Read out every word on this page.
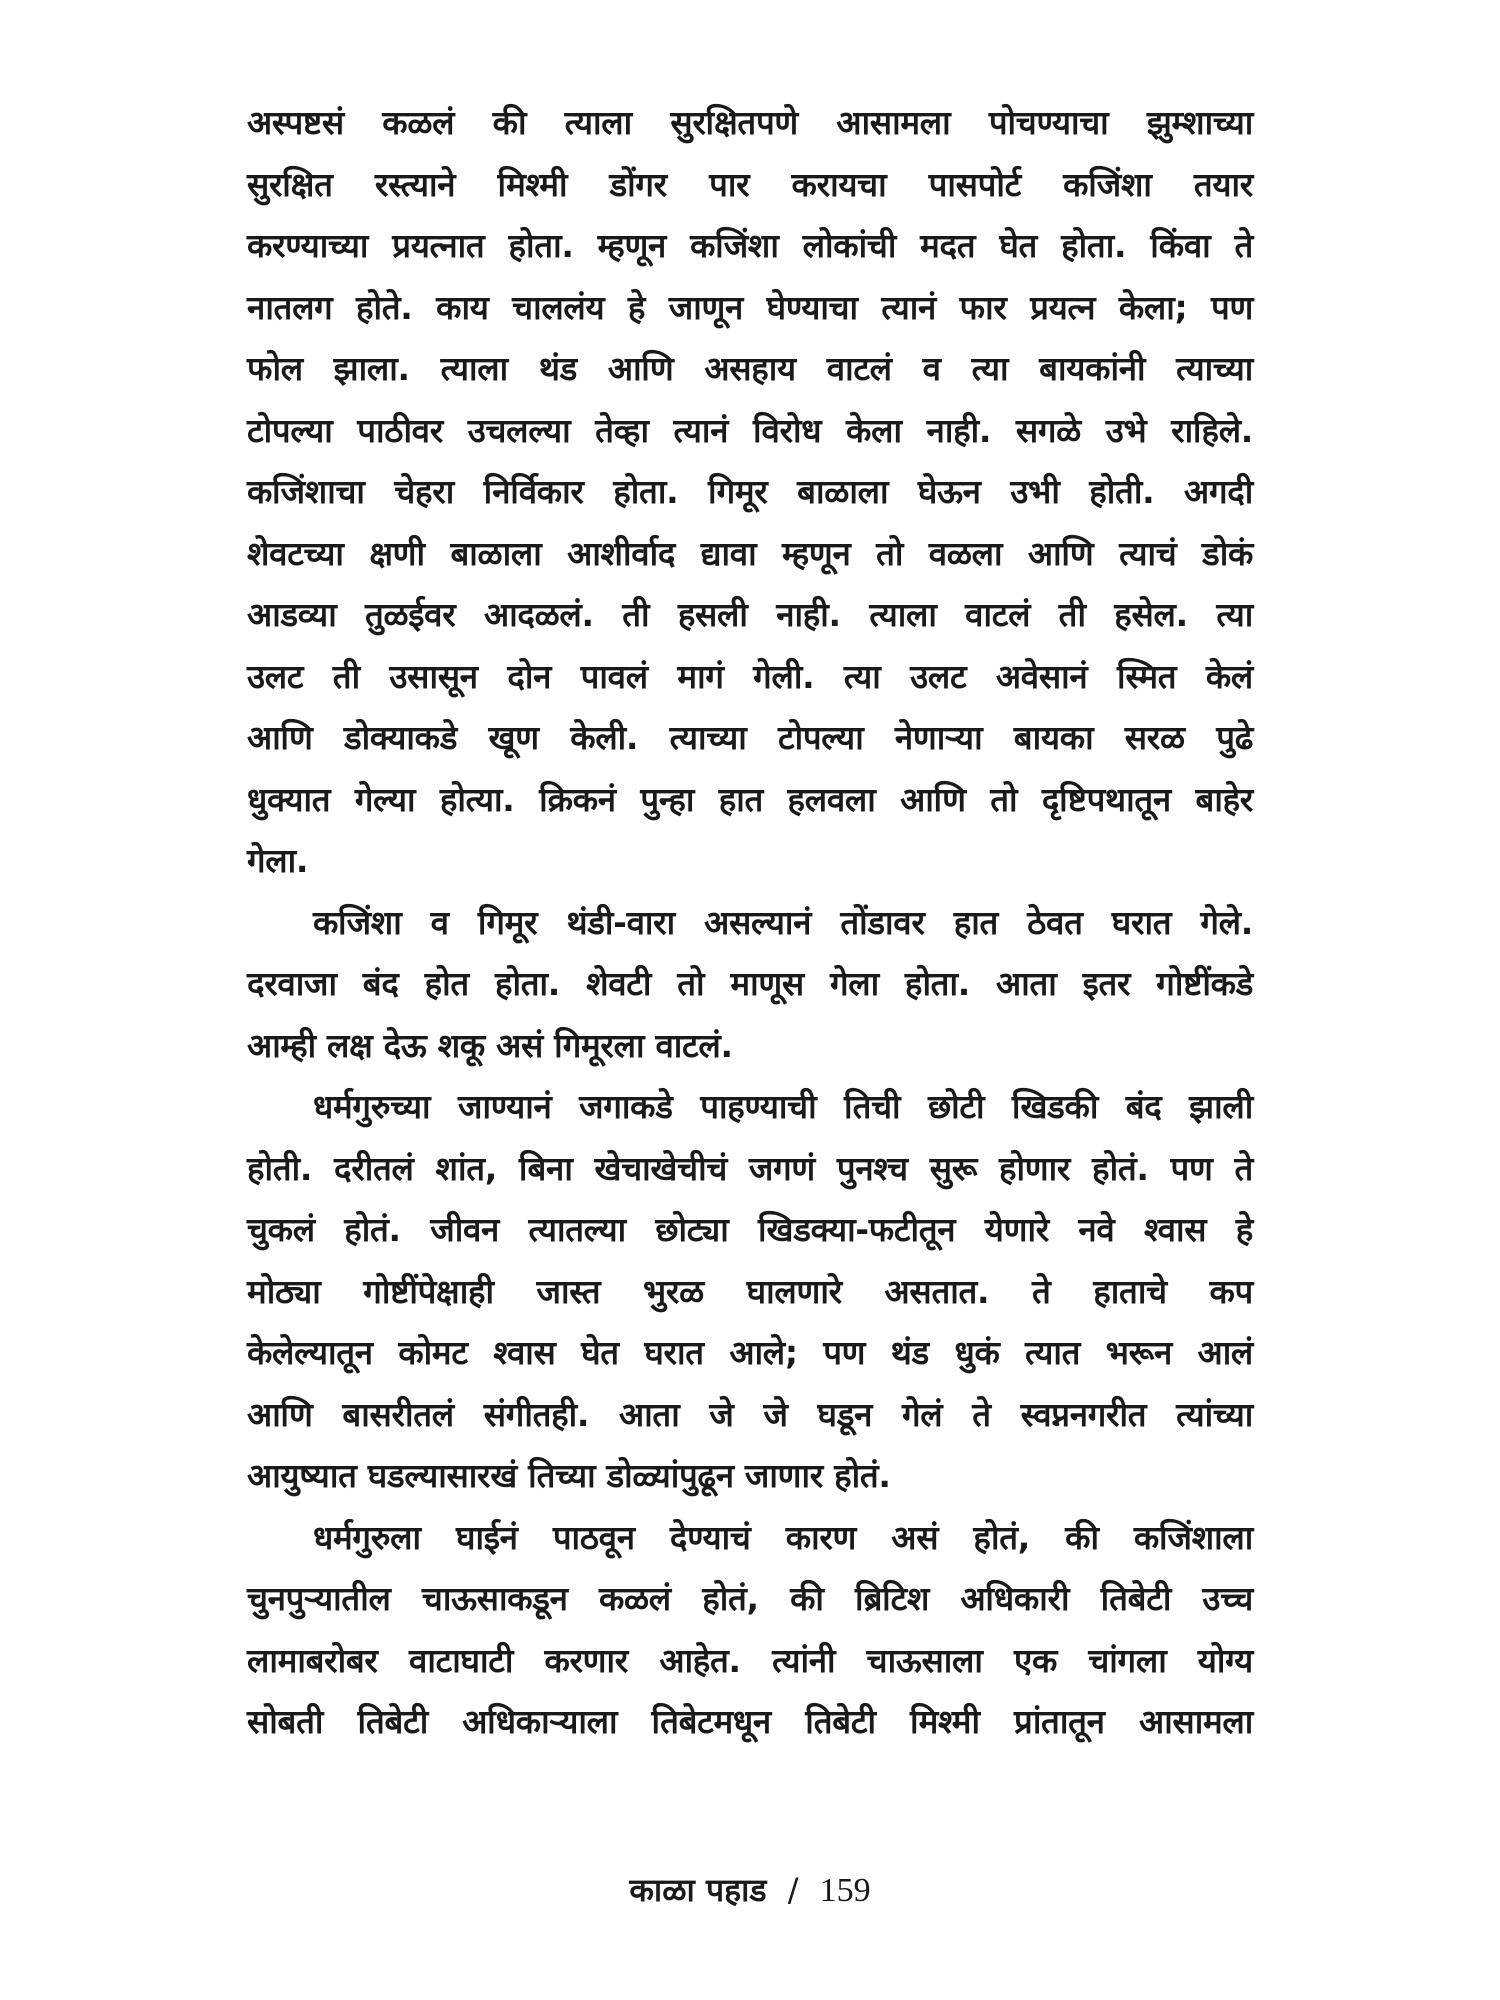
अस्पष्टसं कळलं की त्याला सुरक्षितपणे आसामला पोचण्याचा झुम्शाच्या
सुरक्षित रस्त्याने मिश्मी डोंगर पार करायचा पासपोर्ट कजिंशा तयार
करण्याच्या प्रयत्नात होता. म्हणून कजिंशा लोकांची मदत घेत होता. किंवा ते
नातलग होते. काय चाललंय हे जाणून घेण्याचा त्यानं फार प्रयत्न केला; पण
फोल झाला. त्याला थंड आणि असहाय वाटलं व त्या बायकांनी त्याच्या
टोपल्या पाठीवर उचलल्या तेव्हा त्यानं विरोध केला नाही. सगळे उभे राहिले.
कजिंशाचा चेहरा निर्विकार होता. गिमूर बाळाला घेऊन उभी होती. अगदी
शेवटच्या क्षणी बाळाला आशीर्वाद द्यावा म्हणून तो वळला आणि त्याचं डोकं
आडव्या तुळईवर आदळलं. ती हसली नाही. त्याला वाटलं ती हसेल. त्या
उलट ती उसासून दोन पावलं मागं गेली. त्या उलट अवेसानं स्मित केलं
आणि डोक्याकडे खूण केली. त्याच्या टोपल्या नेणाऱ्या बायका सरळ पुढे
धुक्यात गेल्या होत्या. क्रिकनं पुन्हा हात हलवला आणि तो दृष्टिपथातून बाहेर
गेला.
कजिंशा व गिमूर थंडी-वारा असल्यानं तोंडावर हात ठेवत घरात गेले.
दरवाजा बंद होत होता. शेवटी तो माणूस गेला होता. आता इतर गोष्टींकडे
आम्ही लक्ष देऊ शकू असं गिमूरला वाटलं.
धर्मगुरुच्या जाण्यानं जगाकडे पाहण्याची तिची छोटी खिडकी बंद झाली
होती. दरीतलं शांत, बिना खेचाखेचीचं जगणं पुनश्च सुरू होणार होतं. पण ते
चुकलं होतं. जीवन त्यातल्या छोट्या खिडक्या-फटीतून येणारे नवे श्वास हे
मोठ्या गोष्टींपेक्षाही जास्त भुरळ घालणारे असतात. ते हाताचे कप
केलेल्यातून कोमट श्वास घेत घरात आले; पण थंड धुकं त्यात भरून आलं
आणि बासरीतलं संगीतही. आता जे जे घडून गेलं ते स्वप्ननगरीत त्यांच्या
आयुष्यात घडल्यासारखं तिच्या डोळ्यांपुढून जाणार होतं.
धर्मगुरुला घाईनं पाठवून देण्याचं कारण असं होतं, की कजिंशाला
चुनपुऱ्यातील चाऊसाकडून कळलं होतं, की ब्रिटिश अधिकारी तिबेटी उच्च
लामाबरोबर वाटाघाटी करणार आहेत. त्यांनी चाऊसाला एक चांगला योग्य
सोबती तिबेटी अधिकाऱ्याला तिबेटमधून तिबेटी मिश्मी प्रांतातून आसामला
काळा पहाड / 159
